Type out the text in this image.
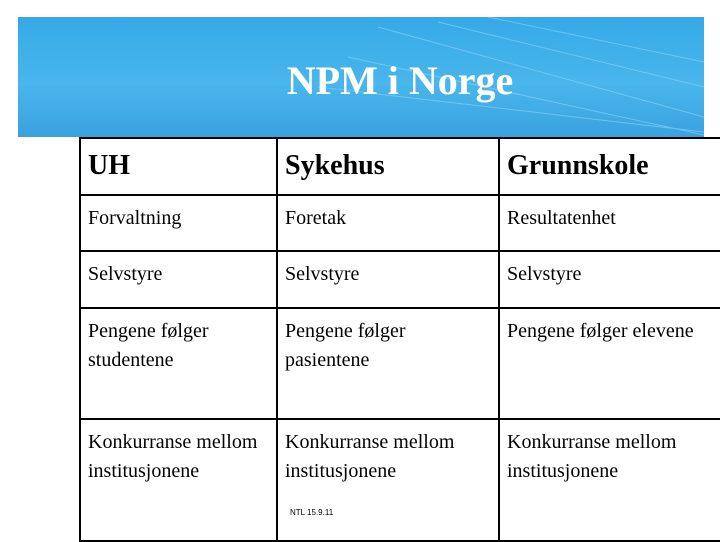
NPM i Norge
UH	Sykehus	Grunnskole
Forvaltning	Foretak	Resultatenhet
Selvstyre	Selvstyre	Selvstyre
Pengene følger studentene	Pengene følger pasientene	Pengene følger elevene
Konkurranse mellom institusjonene	Konkurranse mellom institusjonene	Konkurranse mellom institusjonene
NTL 15.9.11
